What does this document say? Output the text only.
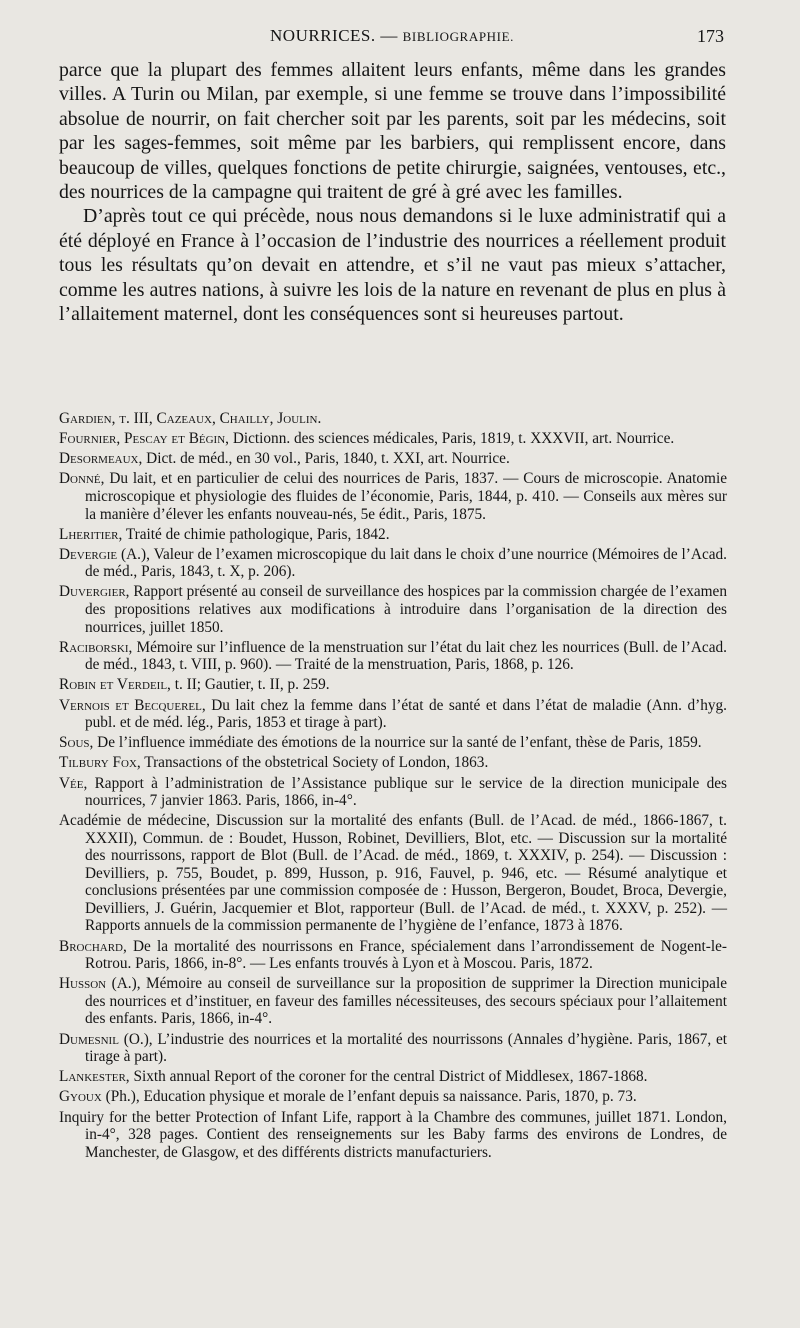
NOURRICES. — BIBLIOGRAPHIE.	173

parce que la plupart des femmes allaitent leurs enfants, même dans les grandes villes. A Turin ou Milan, par exemple, si une femme se trouve dans l’impossibilité absolue de nourrir, on fait chercher soit par les parents, soit par les médecins, soit par les sages-femmes, soit même par les barbiers, qui remplissent encore, dans beaucoup de villes, quelques fonctions de petite chirurgie, saignées, ventouses, etc., des nourrices de la campagne qui traitent de gré à gré avec les familles.

D’après tout ce qui précède, nous nous demandons si le luxe administratif qui a été déployé en France à l’occasion de l’industrie des nourrices a réellement produit tous les résultats qu’on devait en attendre, et s’il ne vaut pas mieux s’attacher, comme les autres nations, à suivre les lois de la nature en revenant de plus en plus à l’allaitement maternel, dont les conséquences sont si heureuses partout.

Gardien, t. III, Cazeaux, Chailly, Joulin.

Fournier, Pescay et Bégin, Dictionn. des sciences médicales, Paris, 1819, t. XXXVII, art. Nourrice.

Desormeaux, Dict. de méd., en 30 vol., Paris, 1840, t. XXI, art. Nourrice.

Donné, Du lait, et en particulier de celui des nourrices de Paris, 1837. — Cours de microscopie. Anatomie microscopique et physiologie des fluides de l’économie, Paris, 1844, p. 410. — Conseils aux mères sur la manière d’élever les enfants nouveau-nés, 5e édit., Paris, 1875.

Lheritier, Traité de chimie pathologique, Paris, 1842.

Devergie (A.), Valeur de l’examen microscopique du lait dans le choix d’une nourrice (Mémoires de l’Acad. de méd., Paris, 1843, t. X, p. 206).

Duvergier, Rapport présenté au conseil de surveillance des hospices par la commission chargée de l’examen des propositions relatives aux modifications à introduire dans l’organisation de la direction des nourrices, juillet 1850.

Raciborski, Mémoire sur l’influence de la menstruation sur l’état du lait chez les nourrices (Bull. de l’Acad. de méd., 1843, t. VIII, p. 960). — Traité de la menstruation, Paris, 1868, p. 126.

Robin et Verdeil, t. II; Gautier, t. II, p. 259.

Vernois et Becquerel, Du lait chez la femme dans l’état de santé et dans l’état de maladie (Ann. d’hyg. publ. et de méd. lég., Paris, 1853 et tirage à part).

Sous, De l’influence immédiate des émotions de la nourrice sur la santé de l’enfant, thèse de Paris, 1859.

Tilbury Fox, Transactions of the obstetrical Society of London, 1863.

Vée, Rapport à l’administration de l’Assistance publique sur le service de la direction municipale des nourrices, 7 janvier 1863. Paris, 1866, in-4°.

Académie de médecine, Discussion sur la mortalité des enfants (Bull. de l’Acad. de méd., 1866-1867, t. XXXII), Commun. de : Boudet, Husson, Robinet, Devilliers, Blot, etc. — Discussion sur la mortalité des nourrissons, rapport de Blot (Bull. de l’Acad. de méd., 1869, t. XXXIV, p. 254). — Discussion : Devilliers, p. 755, Boudet, p. 899, Husson, p. 916, Fauvel, p. 946, etc. — Résumé analytique et conclusions présentées par une commission composée de : Husson, Bergeron, Boudet, Broca, Devergie, Devilliers, J. Guérin, Jacquemier et Blot, rapporteur (Bull. de l’Acad. de méd., t. XXXV, p. 252). — Rapports annuels de la commission permanente de l’hygiène de l’enfance, 1873 à 1876.

Brochard, De la mortalité des nourrissons en France, spécialement dans l’arrondissement de Nogent-le-Rotrou. Paris, 1866, in-8°. — Les enfants trouvés à Lyon et à Moscou. Paris, 1872.

Husson (A.), Mémoire au conseil de surveillance sur la proposition de supprimer la Direction municipale des nourrices et d’instituer, en faveur des familles nécessiteuses, des secours spéciaux pour l’allaitement des enfants. Paris, 1866, in-4°.

Dumesnil (O.), L’industrie des nourrices et la mortalité des nourrissons (Annales d’hygiène. Paris, 1867, et tirage à part).

Lankester, Sixth annual Report of the coroner for the central District of Middlesex, 1867-1868.

Gyoux (Ph.), Education physique et morale de l’enfant depuis sa naissance. Paris, 1870, p. 73.

Inquiry for the better Protection of Infant Life, rapport à la Chambre des communes, juillet 1871. London, in-4°, 328 pages. Contient des renseignements sur les Baby farms des environs de Londres, de Manchester, de Glasgow, et des différents districts manufacturiers.
